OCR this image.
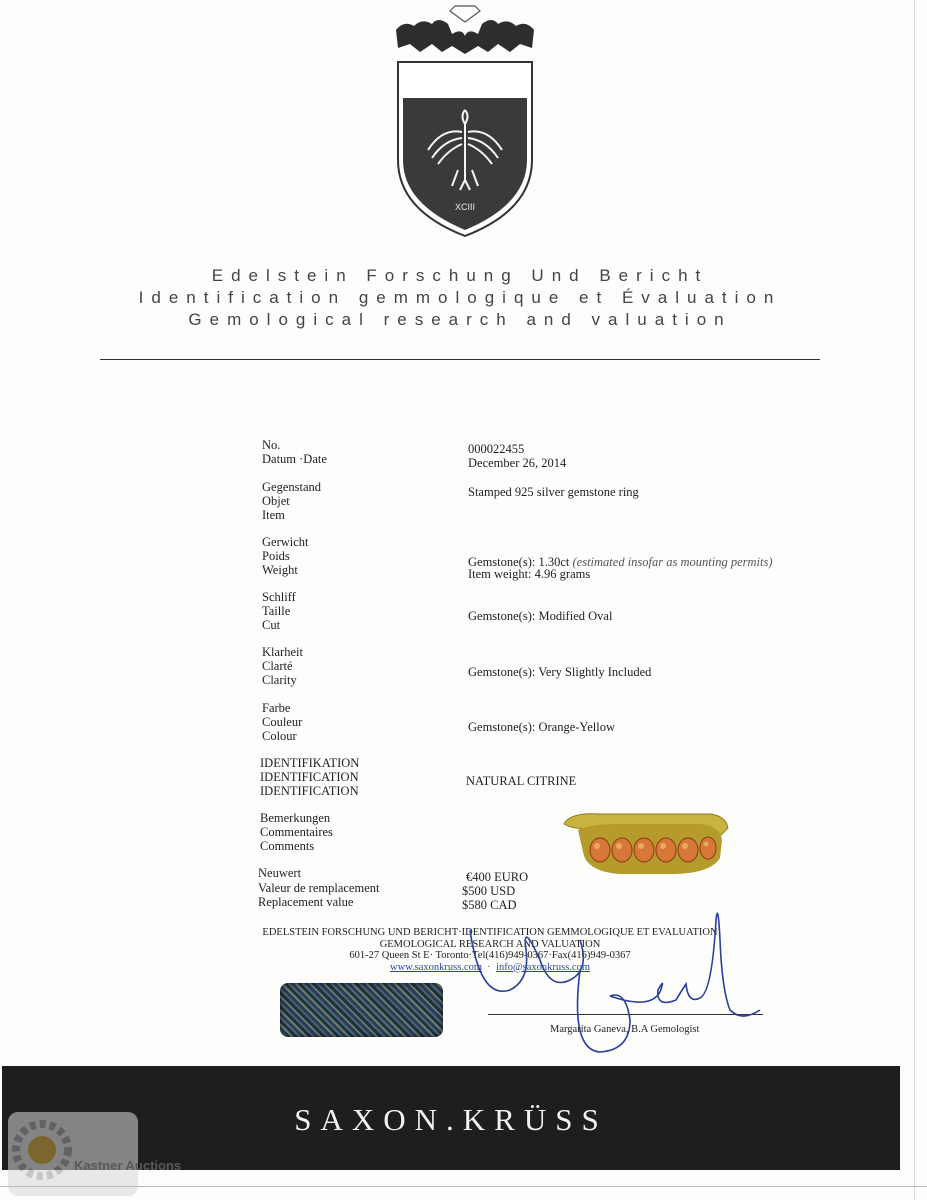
XCIII
Edelstein Forschung Und Bericht
Identification gemmologique et Évaluation
Gemological research and valuation
No.
Datum ·Date
000022455
December 26, 2014
Gegenstand
Objet
Item
Stamped 925 silver gemstone ring
Gerwicht
Poids
Weight
Gemstone(s): 1.30ct (estimated insofar as mounting permits)
Item weight: 4.96 grams
Schliff
Taille
Cut
Gemstone(s): Modified Oval
Klarheit
Clarté
Clarity
Gemstone(s): Very Slightly Included
Farbe
Couleur
Colour
Gemstone(s): Orange-Yellow
IDENTIFIKATION
IDENTIFICATION
IDENTIFICATION
NATURAL CITRINE
Bemerkungen
Commentaires
Comments
Neuwert
Valeur de remplacement
Replacement value
€400 EURO
$500 USD
$580 CAD
EDELSTEIN FORSCHUNG UND BERICHT·IDENTIFICATION GEMMOLOGIQUE ET EVALUATION
GEMOLOGICAL RESEARCH AND VALUATION
601-27 Queen St E· Toronto·Tel(416)949-0367·Fax(416)949-0367
www.saxonkruss.com  ·  info@saxonkruss.com
Margarita Ganeva, B.A Gemologist
SAXON.KRÜSS
Kastner Auctions
